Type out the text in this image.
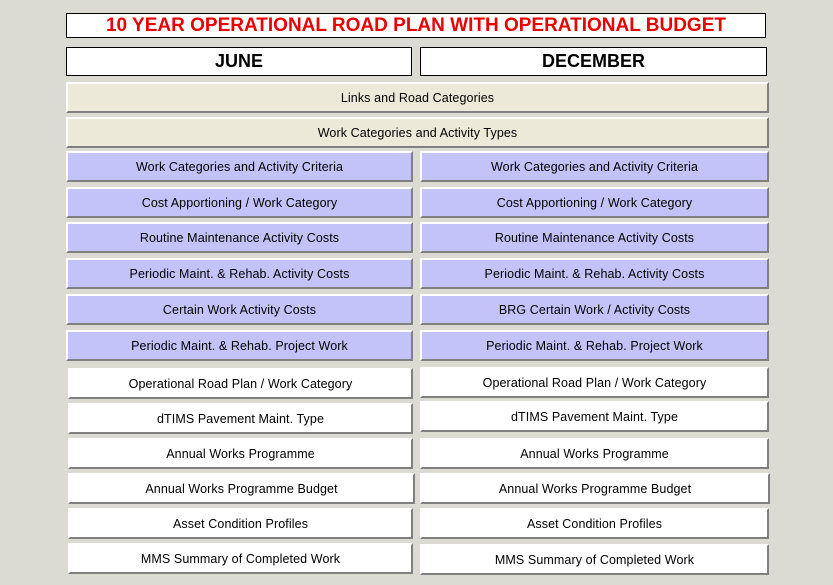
10 YEAR OPERATIONAL ROAD PLAN WITH OPERATIONAL BUDGET
JUNE	DECEMBER
Links and Road Categories
Work Categories and Activity Types
Work Categories and Activity Criteria
Cost Apportioning / Work Category
Routine Maintenance Activity Costs
Periodic Maint. & Rehab. Activity Costs
Certain Work Activity Costs
Periodic Maint. & Rehab. Project Work
Work Categories and Activity Criteria
Cost Apportioning / Work Category
Routine Maintenance Activity Costs
Periodic Maint. & Rehab. Activity Costs
BRG Certain Work / Activity Costs
Periodic Maint. & Rehab. Project Work
Operational Road Plan / Work Category
dTIMS Pavement Maint. Type
Annual Works Programme
Annual Works Programme Budget
Asset Condition Profiles
MMS Summary of Completed Work
Operational Road Plan / Work Category
dTIMS Pavement Maint. Type
Annual Works Programme
Annual Works Programme Budget
Asset Condition Profiles
MMS Summary of Completed Work
